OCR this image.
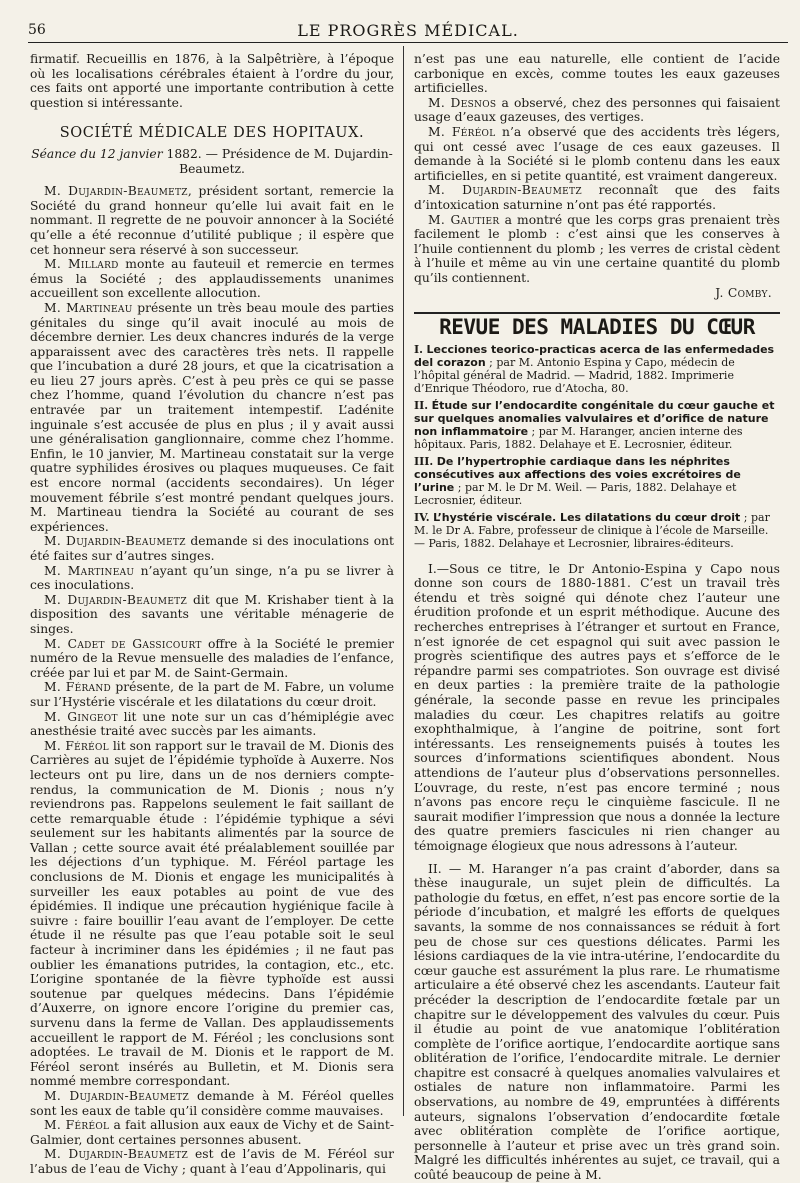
56	LE PROGRÈS MÉDICAL.

firmatif. Recueillis en 1876, à la Salpêtrière, à l’époque où les localisations cérébrales étaient à l’ordre du jour, ces faits ont apporté une importante contribution à cette question si intéressante.

SOCIÉTÉ MÉDICALE DES HOPITAUX.

Séance du 12 janvier 1882. — Présidence de M. Dujardin-Beaumetz.

M. Dujardin-Beaumetz, président sortant, remercie la Société du grand honneur qu’elle lui avait fait en le nommant. Il regrette de ne pouvoir annoncer à la Société qu’elle a été reconnue d’utilité publique ; il espère que cet honneur sera réservé à son successeur.

M. Millard monte au fauteuil et remercie en termes émus la Société ; des applaudissements unanimes accueillent son excellente allocution.

M. Martineau présente un très beau moule des parties génitales du singe qu’il avait inoculé au mois de décembre dernier. Les deux chancres indurés de la verge apparaissent avec des caractères très nets. Il rappelle que l’incubation a duré 28 jours, et que la cicatrisation a eu lieu 27 jours après. C’est à peu près ce qui se passe chez l’homme, quand l’évolution du chancre n’est pas entravée par un traitement intempestif. L’adénite inguinale s’est accusée de plus en plus ; il y avait aussi une généralisation ganglionnaire, comme chez l’homme. Enfin, le 10 janvier, M. Martineau constatait sur la verge quatre syphilides érosives ou plaques muqueuses. Ce fait est encore normal (accidents secondaires). Un léger mouvement fébrile s’est montré pendant quelques jours. M. Martineau tiendra la Société au courant de ses expériences.

M. Dujardin-Beaumetz demande si des inoculations ont été faites sur d’autres singes.

M. Martineau n’ayant qu’un singe, n’a pu se livrer à ces inoculations.

M. Dujardin-Beaumetz dit que M. Krishaber tient à la disposition des savants une véritable ménagerie de singes.

M. Cadet de Gassicourt offre à la Société le premier numéro de la Revue mensuelle des maladies de l’enfance, créée par lui et par M. de Saint-Germain.

M. Férand présente, de la part de M. Fabre, un volume sur l’Hystérie viscérale et les dilatations du cœur droit.

M. Gingeot lit une note sur un cas d’hémiplégie avec anesthésie traité avec succès par les aimants.

M. Féréol lit son rapport sur le travail de M. Dionis des Carrières au sujet de l’épidémie typhoïde à Auxerre. Nos lecteurs ont pu lire, dans un de nos derniers compte-rendus, la communication de M. Dionis ; nous n’y reviendrons pas. Rappelons seulement le fait saillant de cette remarquable étude : l’épidémie typhique a sévi seulement sur les habitants alimentés par la source de Vallan ; cette source avait été préalablement souillée par les déjections d’un typhique. M. Féréol partage les conclusions de M. Dionis et engage les municipalités à surveiller les eaux potables au point de vue des épidémies. Il indique une précaution hygiénique facile à suivre : faire bouillir l’eau avant de l’employer. De cette étude il ne résulte pas que l’eau potable soit le seul facteur à incriminer dans les épidémies ; il ne faut pas oublier les émanations putrides, la contagion, etc., etc. L’origine spontanée de la fièvre typhoïde est aussi soutenue par quelques médecins. Dans l’épidémie d’Auxerre, on ignore encore l’origine du premier cas, survenu dans la ferme de Vallan. Des applaudissements accueillent le rapport de M. Féréol ; les conclusions sont adoptées. Le travail de M. Dionis et le rapport de M. Féréol seront insérés au Bulletin, et M. Dionis sera nommé membre correspondant.

M. Dujardin-Beaumetz demande à M. Féréol quelles sont les eaux de table qu’il considère comme mauvaises.

M. Féréol a fait allusion aux eaux de Vichy et de Saint-Galmier, dont certaines personnes abusent.

M. Dujardin-Beaumetz est de l’avis de M. Féréol sur l’abus de l’eau de Vichy ; quant à l’eau d’Appolinaris, qui

n’est pas une eau naturelle, elle contient de l’acide carbonique en excès, comme toutes les eaux gazeuses artificielles.

M. Desnos a observé, chez des personnes qui faisaient usage d’eaux gazeuses, des vertiges.

M. Féréol n’a observé que des accidents très légers, qui ont cessé avec l’usage de ces eaux gazeuses. Il demande à la Société si le plomb contenu dans les eaux artificielles, en si petite quantité, est vraiment dangereux.

M. Dujardin-Beaumetz reconnaît que des faits d’intoxication saturnine n’ont pas été rapportés.

M. Gautier a montré que les corps gras prenaient très facilement le plomb : c’est ainsi que les conserves à l’huile contiennent du plomb ; les verres de cristal cèdent à l’huile et même au vin une certaine quantité du plomb qu’ils contiennent.

J. Comby.

REVUE DES MALADIES DU CŒUR

I. Lecciones teorico-practicas acerca de las enfermedades del corazon ; par M. Antonio Espina y Capo, médecin de l’hôpital général de Madrid. — Madrid, 1882. Imprimerie d’Enrique Théodoro, rue d’Atocha, 80.

II. Étude sur l’endocardite congénitale du cœur gauche et sur quelques anomalies valvulaires et d’orifice de nature non inflammatoire ; par M. Haranger, ancien interne des hôpitaux. Paris, 1882. Delahaye et E. Lecrosnier, éditeur.

III. De l’hypertrophie cardiaque dans les néphrites consécutives aux affections des voies excrétoires de l’urine ; par M. le Dr M. Weil. — Paris, 1882. Delahaye et Lecrosnier, éditeur.

IV. L’hystérie viscérale. Les dilatations du cœur droit ; par M. le Dr A. Fabre, professeur de clinique à l’école de Marseille. — Paris, 1882. Delahaye et Lecrosnier, libraires-éditeurs.

I.—Sous ce titre, le Dr Antonio-Espina y Capo nous donne son cours de 1880-1881. C’est un travail très étendu et très soigné qui dénote chez l’auteur une érudition profonde et un esprit méthodique. Aucune des recherches entreprises à l’étranger et surtout en France, n’est ignorée de cet espagnol qui suit avec passion le progrès scientifique des autres pays et s’efforce de le répandre parmi ses compatriotes. Son ouvrage est divisé en deux parties : la première traite de la pathologie générale, la seconde passe en revue les principales maladies du cœur. Les chapitres relatifs au goitre exophthalmique, à l’angine de poitrine, sont fort intéressants. Les renseignements puisés à toutes les sources d’informations scientifiques abondent. Nous attendions de l’auteur plus d’observations personnelles. L’ouvrage, du reste, n’est pas encore terminé ; nous n’avons pas encore reçu le cinquième fascicule. Il ne saurait modifier l’impression que nous a donnée la lecture des quatre premiers fascicules ni rien changer au témoignage élogieux que nous adressons à l’auteur.

II. — M. Haranger n’a pas craint d’aborder, dans sa thèse inaugurale, un sujet plein de difficultés. La pathologie du fœtus, en effet, n’est pas encore sortie de la période d’incubation, et malgré les efforts de quelques savants, la somme de nos connaissances se réduit à fort peu de chose sur ces questions délicates. Parmi les lésions cardiaques de la vie intra-utérine, l’endocardite du cœur gauche est assurément la plus rare. Le rhumatisme articulaire a été observé chez les ascendants. L’auteur fait précéder la description de l’endocardite fœtale par un chapitre sur le développement des valvules du cœur. Puis il étudie au point de vue anatomique l’oblitération complète de l’orifice aortique, l’endocardite aortique sans oblitération de l’orifice, l’endocardite mitrale. Le dernier chapitre est consacré à quelques anomalies valvulaires et ostiales de nature non inflammatoire. Parmi les observations, au nombre de 49, empruntées à différents auteurs, signalons l’observation d’endocardite fœtale avec oblitération complète de l’orifice aortique, personnelle à l’auteur et prise avec un très grand soin. Malgré les difficultés inhérentes au sujet, ce travail, qui a coûté beaucoup de peine à M.
